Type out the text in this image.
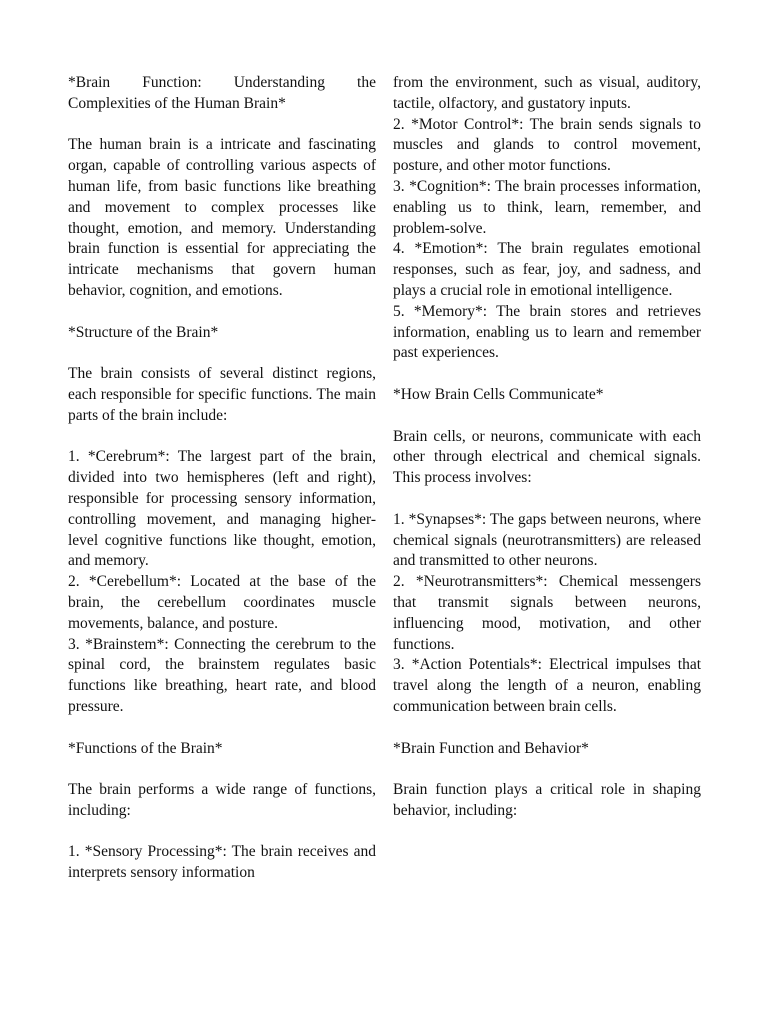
*Brain Function: Understanding the Complexities of the Human Brain*

The human brain is a intricate and fascinating organ, capable of controlling various aspects of human life, from basic functions like breathing and movement to complex processes like thought, emotion, and memory. Understanding brain function is essential for appreciating the intricate mechanisms that govern human behavior, cognition, and emotions.

*Structure of the Brain*

The brain consists of several distinct regions, each responsible for specific functions. The main parts of the brain include:

1. *Cerebrum*: The largest part of the brain, divided into two hemispheres (left and right), responsible for processing sensory information, controlling movement, and managing higher-level cognitive functions like thought, emotion, and memory.

2. *Cerebellum*: Located at the base of the brain, the cerebellum coordinates muscle movements, balance, and posture.

3. *Brainstem*: Connecting the cerebrum to the spinal cord, the brainstem regulates basic functions like breathing, heart rate, and blood pressure.

*Functions of the Brain*

The brain performs a wide range of functions, including:

1. *Sensory Processing*: The brain receives and interprets sensory information

from the environment, such as visual, auditory, tactile, olfactory, and gustatory inputs.

2. *Motor Control*: The brain sends signals to muscles and glands to control movement, posture, and other motor functions.

3. *Cognition*: The brain processes information, enabling us to think, learn, remember, and problem-solve.

4. *Emotion*: The brain regulates emotional responses, such as fear, joy, and sadness, and plays a crucial role in emotional intelligence.

5. *Memory*: The brain stores and retrieves information, enabling us to learn and remember past experiences.

*How Brain Cells Communicate*

Brain cells, or neurons, communicate with each other through electrical and chemical signals. This process involves:

1. *Synapses*: The gaps between neurons, where chemical signals (neurotransmitters) are released and transmitted to other neurons.

2. *Neurotransmitters*: Chemical messengers that transmit signals between neurons, influencing mood, motivation, and other functions.

3. *Action Potentials*: Electrical impulses that travel along the length of a neuron, enabling communication between brain cells.

*Brain Function and Behavior*

Brain function plays a critical role in shaping behavior, including:
